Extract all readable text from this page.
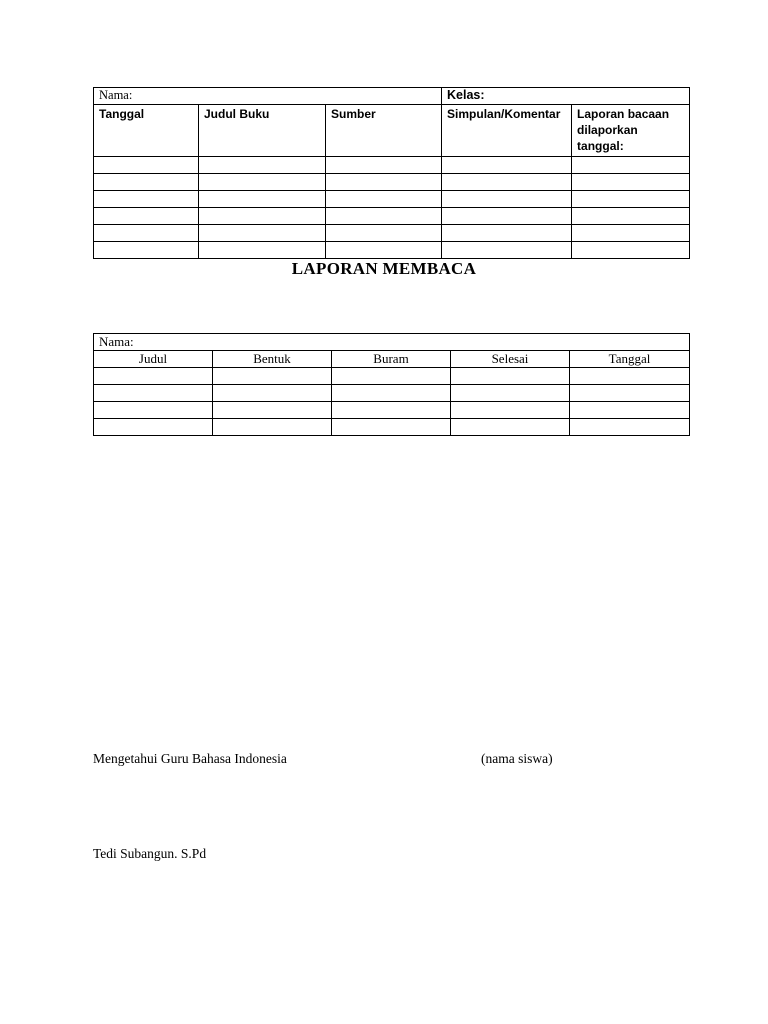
Nama:			Kelas:	
Tanggal	Judul Buku	Sumber	Simpulan/Komentar	Laporan bacaan dilaporkan tanggal:

LAPORAN MEMBACA
Nama:				
Judul	Bentuk	Buram	Selesai	Tanggal

Mengetahui Guru Bahasa Indonesia	(nama siswa)
Tedi Subangun. S.Pd
